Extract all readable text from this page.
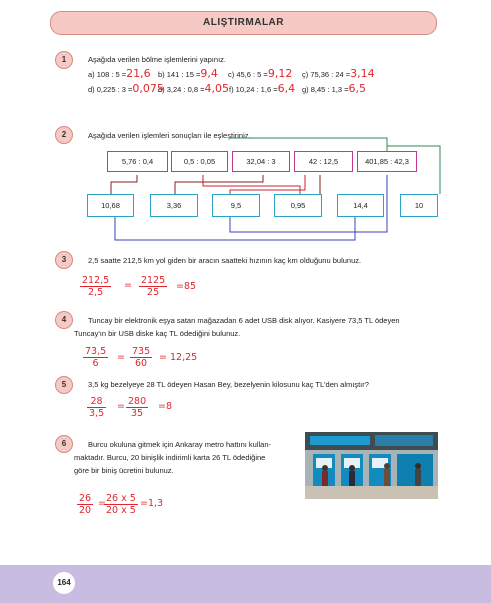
ALIŞTIRMALAR
1	Aşağıda verilen bölme işlemlerini yapınız.
a) 108 : 5 =21,6 b) 141 : 15 =9,4 c) 45,6 : 5 =9,12 ç) 75,36 : 24 =3,14
d) 0,225 : 3 =0,075
e) 3,24 : 0,8 =4,05 f) 10,24 : 1,6 =6,4 g) 8,45 : 1,3 =6,5
2	Aşağıda verilen işlemleri sonuçları ile eşleştiriniz.
5,76 : 0,4	0,5 : 0,05	32,04 : 3	42 : 12,5	401,85 : 42,3
10,68	3,36	9,5	0,95	14,4	10
3	2,5 saatte 212,5 km yol giden bir aracın saatteki hızının kaç km olduğunu bulunuz.
$\frac{212,5}{2,5} = \frac{2125}{25} =85$
4	Tuncay bir elektronik eşya satan mağazadan 6 adet USB disk alıyor. Kasiyere 73,5 TL ödeyen
Tuncay'ın bir USB diske kaç TL ödediğini bulunuz.
$\frac{73,5}{6} = \frac{735}{60} = 12,25$
5	3,5 kg bezelyeye 28 TL ödeyen Hasan Bey, bezelyenin kilosunu kaç TL'den almıştır?
$\frac{28}{3,5} = \frac{280}{35} =8$
6	Burcu okuluna gitmek için Ankaray metro hattını kullan-
maktadır. Burcu, 20 binişlik indirimli karta 26 TL ödediğine
göre bir biniş ücretini bulunuz.
$\frac{26}{20}$ =
$\frac{26 x 5}{20 x 5} =1,3$
164
